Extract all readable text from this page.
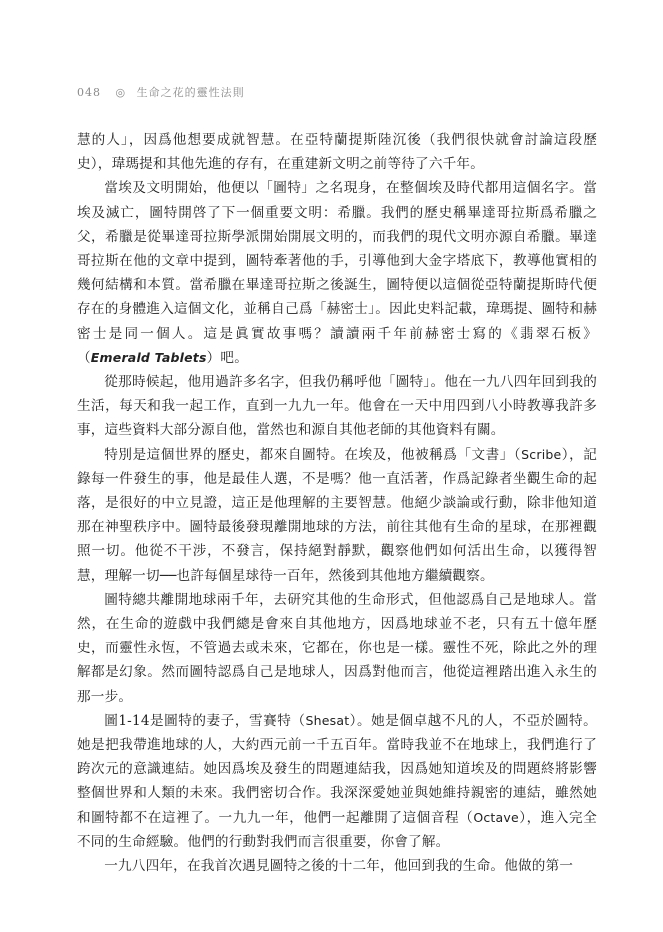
048 ◎ 生命之花的靈性法則

慧的人」，因爲他想要成就智慧。在亞特蘭提斯陸沉後（我們很快就會討論這段歷史），瑋瑪提和其他先進的存有，在重建新文明之前等待了六千年。

當埃及文明開始，他便以「圖特」之名現身，在整個埃及時代都用這個名字。當埃及滅亡，圖特開啓了下一個重要文明：希臘。我們的歷史稱畢達哥拉斯爲希臘之父，希臘是從畢達哥拉斯學派開始開展文明的，而我們的現代文明亦源自希臘。畢達哥拉斯在他的文章中提到，圖特牽著他的手，引導他到大金字塔底下，教導他實相的幾何結構和本質。當希臘在畢達哥拉斯之後誕生，圖特便以這個從亞特蘭提斯時代便存在的身體進入這個文化，並稱自己爲「赫密士」。因此史料記載，瑋瑪提、圖特和赫密士是同一個人。這是眞實故事嗎？讀讀兩千年前赫密士寫的《翡翠石板》（Emerald Tablets）吧。

從那時候起，他用過許多名字，但我仍稱呼他「圖特」。他在一九八四年回到我的生活，每天和我一起工作，直到一九九一年。他會在一天中用四到八小時教導我許多事，這些資料大部分源自他，當然也和源自其他老師的其他資料有關。

特別是這個世界的歷史，都來自圖特。在埃及，他被稱爲「文書」（Scribe），記錄每一件發生的事，他是最佳人選，不是嗎？他一直活著，作爲記錄者坐觀生命的起落，是很好的中立見證，這正是他理解的主要智慧。他絕少談論或行動，除非他知道那在神聖秩序中。圖特最後發現離開地球的方法，前往其他有生命的星球，在那裡觀照一切。他從不干涉，不發言，保持絕對靜默，觀察他們如何活出生命，以獲得智慧，理解一切──也許每個星球待一百年，然後到其他地方繼續觀察。

圖特總共離開地球兩千年，去研究其他的生命形式，但他認爲自己是地球人。當然，在生命的遊戲中我們總是會來自其他地方，因爲地球並不老，只有五十億年歷史，而靈性永恆，不管過去或未來，它都在，你也是一樣。靈性不死，除此之外的理解都是幻象。然而圖特認爲自己是地球人，因爲對他而言，他從這裡踏出進入永生的那一步。

圖1-14是圖特的妻子，雪賽特（Shesat）。她是個卓越不凡的人，不亞於圖特。她是把我帶進地球的人，大約西元前一千五百年。當時我並不在地球上，我們進行了跨次元的意識連結。她因爲埃及發生的問題連結我，因爲她知道埃及的問題終將影響整個世界和人類的未來。我們密切合作。我深深愛她並與她維持親密的連結，雖然她和圖特都不在這裡了。一九九一年，他們一起離開了這個音程（Octave），進入完全不同的生命經驗。他們的行動對我們而言很重要，你會了解。

一九八四年，在我首次遇見圖特之後的十二年，他回到我的生命。他做的第一
